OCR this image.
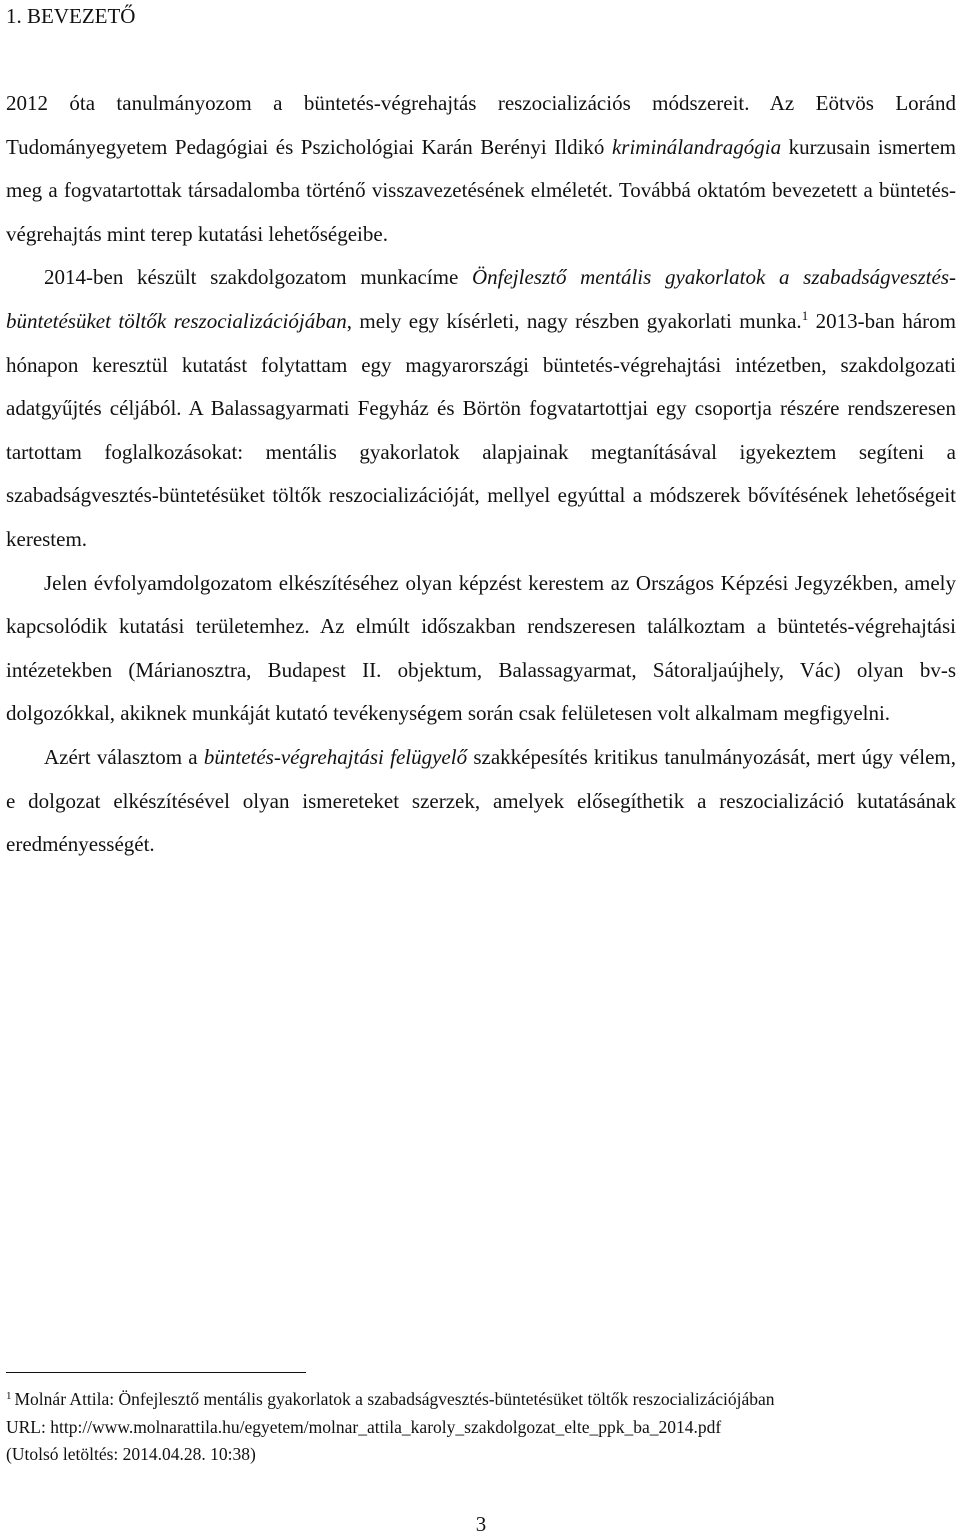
1. BEVEZETŐ

2012 óta tanulmányozom a büntetés-végrehajtás reszocializációs módszereit. Az Eötvös Loránd Tudományegyetem Pedagógiai és Pszichológiai Karán Berényi Ildikó kriminálandragógia kurzusain ismertem meg a fogvatartottak társadalomba történő visszavezetésének elméletét. Továbbá oktatóm bevezetett a büntetés-végrehajtás mint terep kutatási lehetőségeibe.

2014-ben készült szakdolgozatom munkacíme Önfejlesztő mentális gyakorlatok a szabadságvesztés-büntetésüket töltők reszocializációjában, mely egy kísérleti, nagy részben gyakorlati munka.$^1$ 2013-ban három hónapon keresztül kutatást folytattam egy magyarországi büntetés-végrehajtási intézetben, szakdolgozati adatgyűjtés céljából. A Balassagyarmati Fegyház és Börtön fogvatartottjai egy csoportja részére rendszeresen tartottam foglalkozásokat: mentális gyakorlatok alapjainak megtanításával igyekeztem segíteni a szabadságvesztés-büntetésüket töltők reszocializációját, mellyel egyúttal a módszerek bővítésének lehetőségeit kerestem.

Jelen évfolyamdolgozatom elkészítéséhez olyan képzést kerestem az Országos Képzési Jegyzékben, amely kapcsolódik kutatási területemhez. Az elmúlt időszakban rendszeresen találkoztam a büntetés-végrehajtási intézetekben (Márianosztra, Budapest II. objektum, Balassagyarmat, Sátoraljaújhely, Vác) olyan bv-s dolgozókkal, akiknek munkáját kutató tevékenységem során csak felületesen volt alkalmam megfigyelni.

Azért választom a büntetés-végrehajtási felügyelő szakképesítés kritikus tanulmányozását, mert úgy vélem, e dolgozat elkészítésével olyan ismereteket szerzek, amelyek elősegíthetik a reszocializáció kutatásának eredményességét.

$^1$ Molnár Attila: Önfejlesztő mentális gyakorlatok a szabadságvesztés-büntetésüket töltők reszocializációjában
URL: http://www.molnarattila.hu/egyetem/molnar_attila_karoly_szakdolgozat_elte_ppk_ba_2014.pdf
(Utolsó letöltés: 2014.04.28. 10:38)
3
